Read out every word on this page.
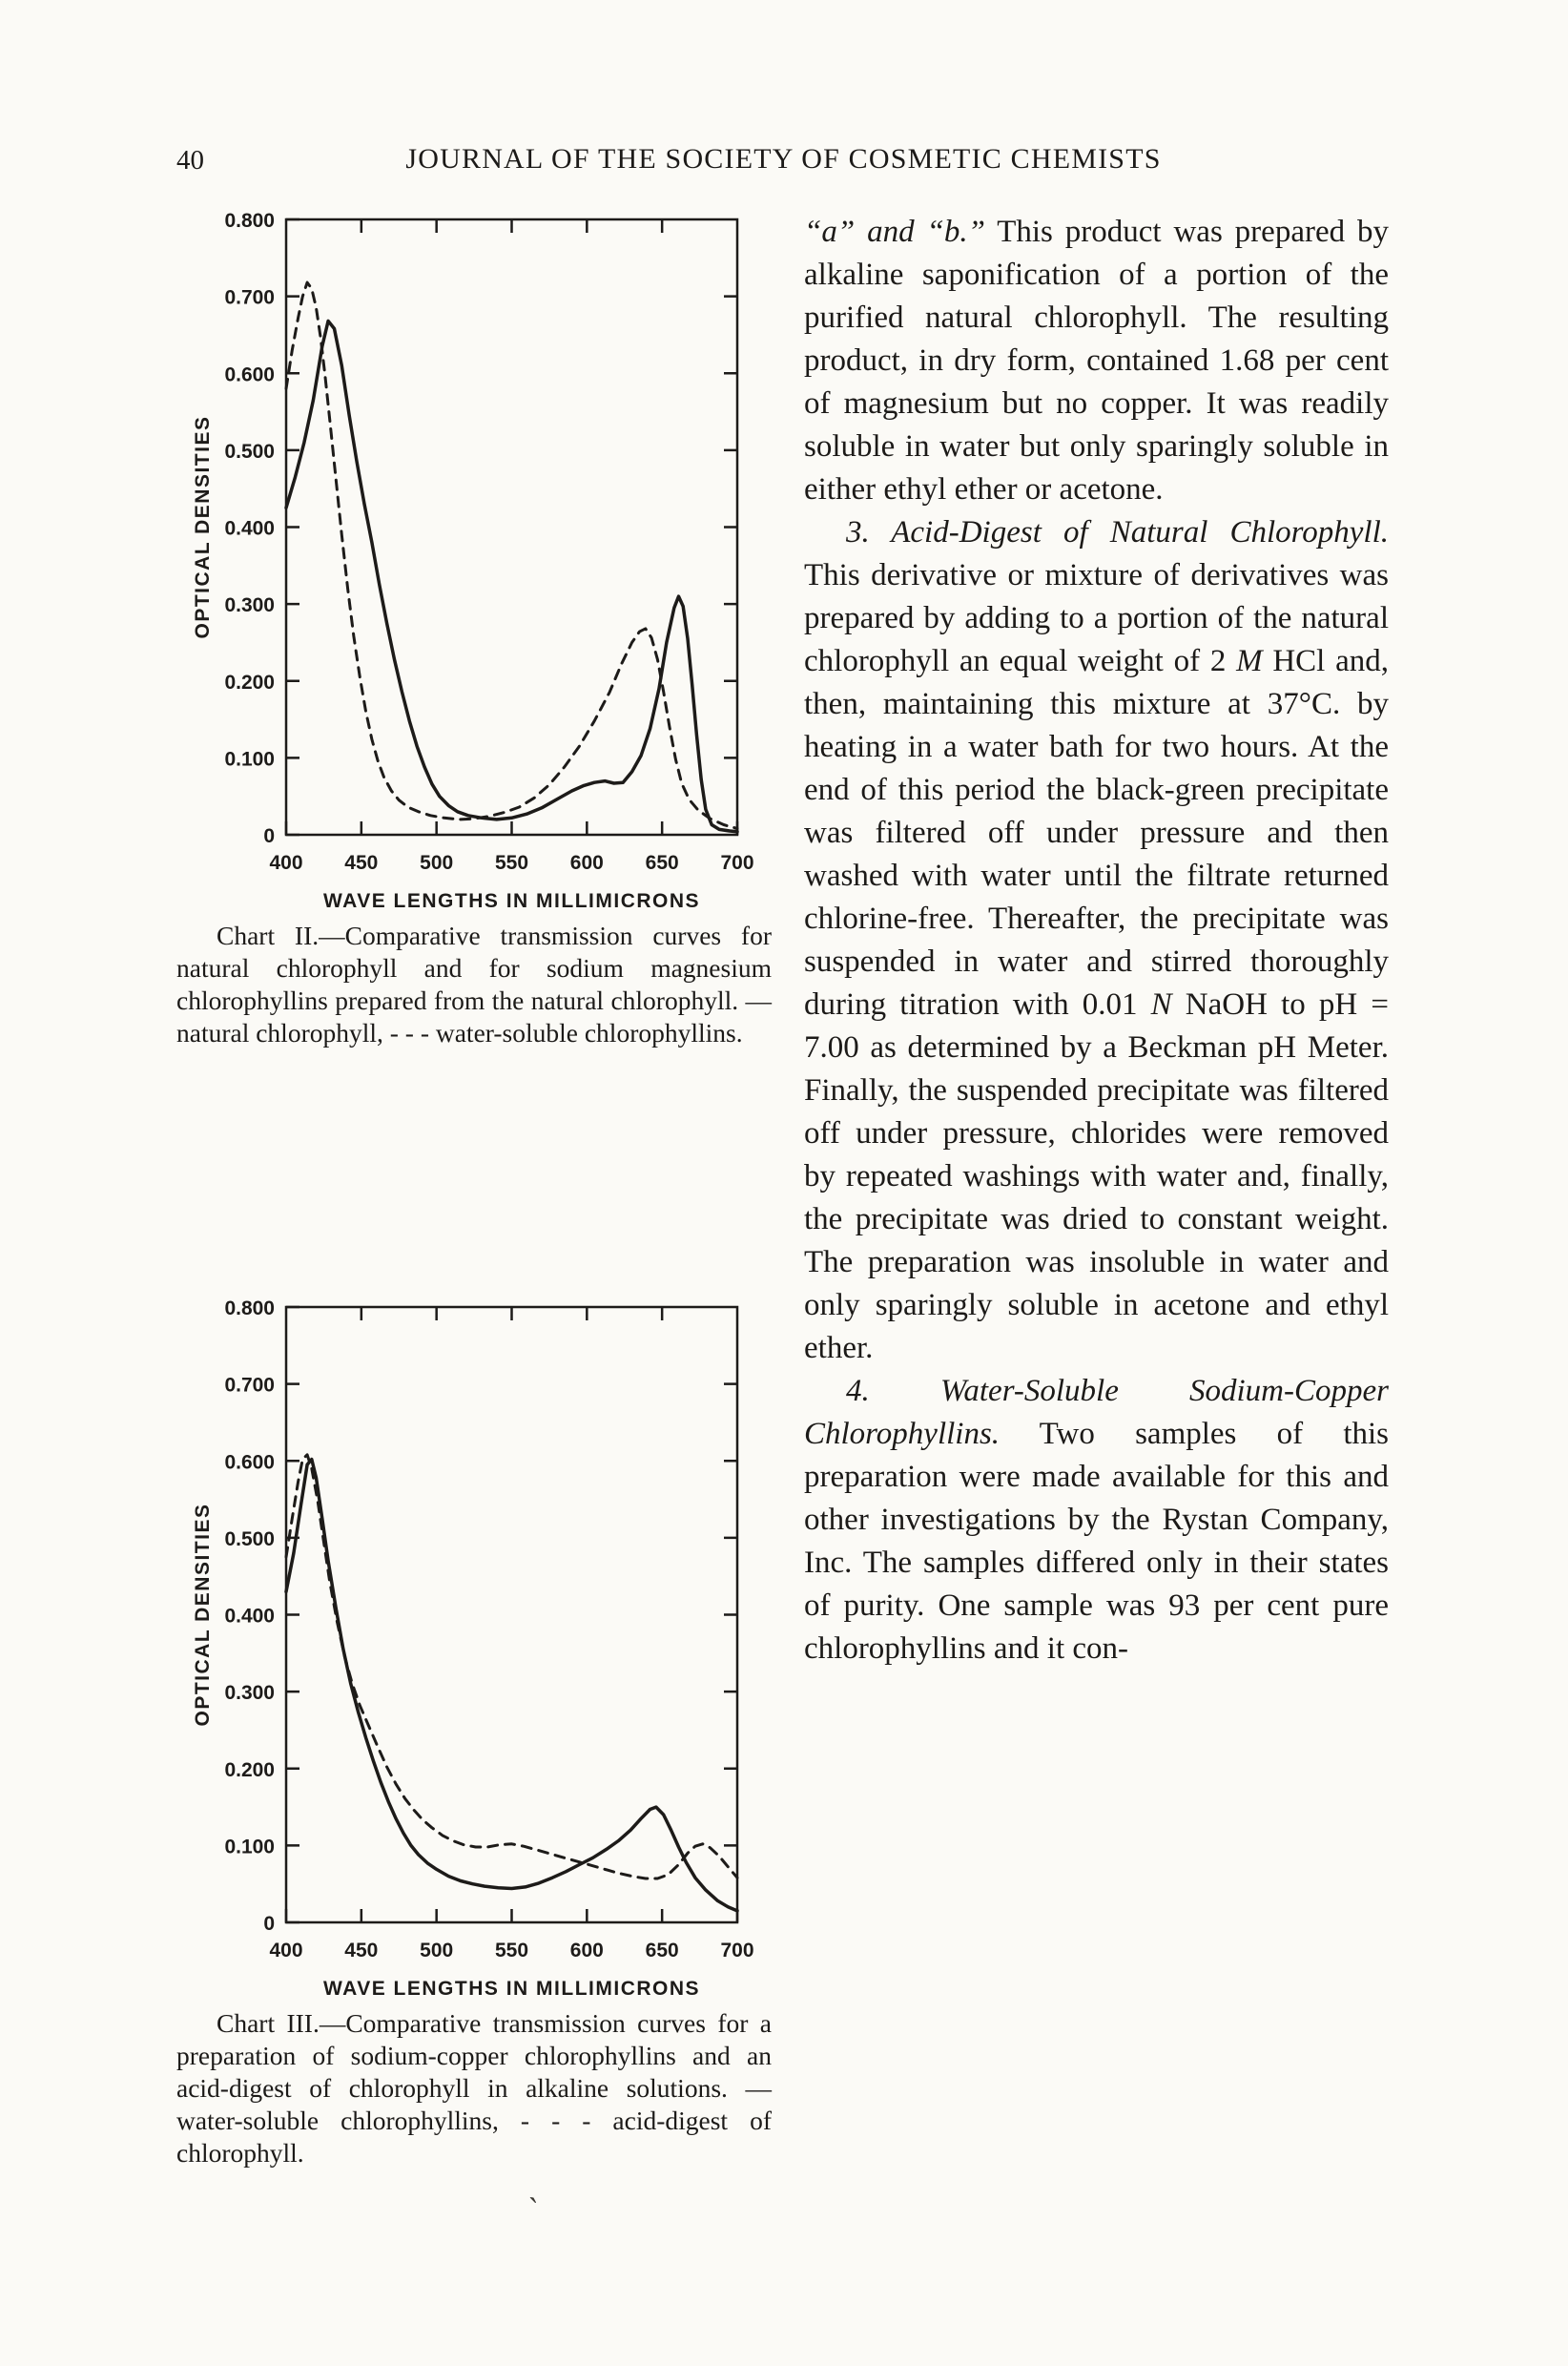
40	JOURNAL OF THE SOCIETY OF COSMETIC CHEMISTS
0
0.100
0.200
0.300
0.400
0.500
0.600
0.700
0.800
400 450 500 550 600 650 700
WAVE LENGTHS IN MILLIMICRONS
OPTICAL DENSITIES
Chart II.—Comparative transmission curves for natural chlorophyll and for sodium magnesium chlorophyllins prepared from the natural chlorophyll. — natural chlorophyll, - - - water-soluble chlorophyllins.
0
0.100
0.200
0.300
0.400
0.500
0.600
0.700
0.800
400 450 500 550 600 650 700
WAVE LENGTHS IN MILLIMICRONS
OPTICAL DENSITIES
Chart III.—Comparative transmission curves for a preparation of sodium-copper chlorophyllins and an acid-digest of chlorophyll in alkaline solutions. — water-soluble chlorophyllins, - - - acid-digest of chlorophyll.

“a” and “b.” This product was prepared by alkaline saponification of a portion of the purified natural chlorophyll. The resulting product, in dry form, contained 1.68 per cent of magnesium but no copper. It was readily soluble in water but only sparingly soluble in either ethyl ether or acetone.

3. Acid-Digest of Natural Chlorophyll. This derivative or mixture of derivatives was prepared by adding to a portion of the natural chlorophyll an equal weight of 2 M HCl and, then, maintaining this mixture at 37°C. by heating in a water bath for two hours. At the end of this period the black-green precipitate was filtered off under pressure and then washed with water until the filtrate returned chlorine-free. Thereafter, the precipitate was suspended in water and stirred thoroughly during titration with 0.01 N NaOH to pH = 7.00 as determined by a Beckman pH Meter. Finally, the suspended precipitate was filtered off under pressure, chlorides were removed by repeated washings with water and, finally, the precipitate was dried to constant weight. The preparation was insoluble in water and only sparingly soluble in acetone and ethyl ether.

4. Water-Soluble Sodium-Copper Chlorophyllins. Two samples of this preparation were made available for this and other investigations by the Rystan Company, Inc. The samples differed only in their states of purity. One sample was 93 per cent pure chlorophyllins and it con-

`
